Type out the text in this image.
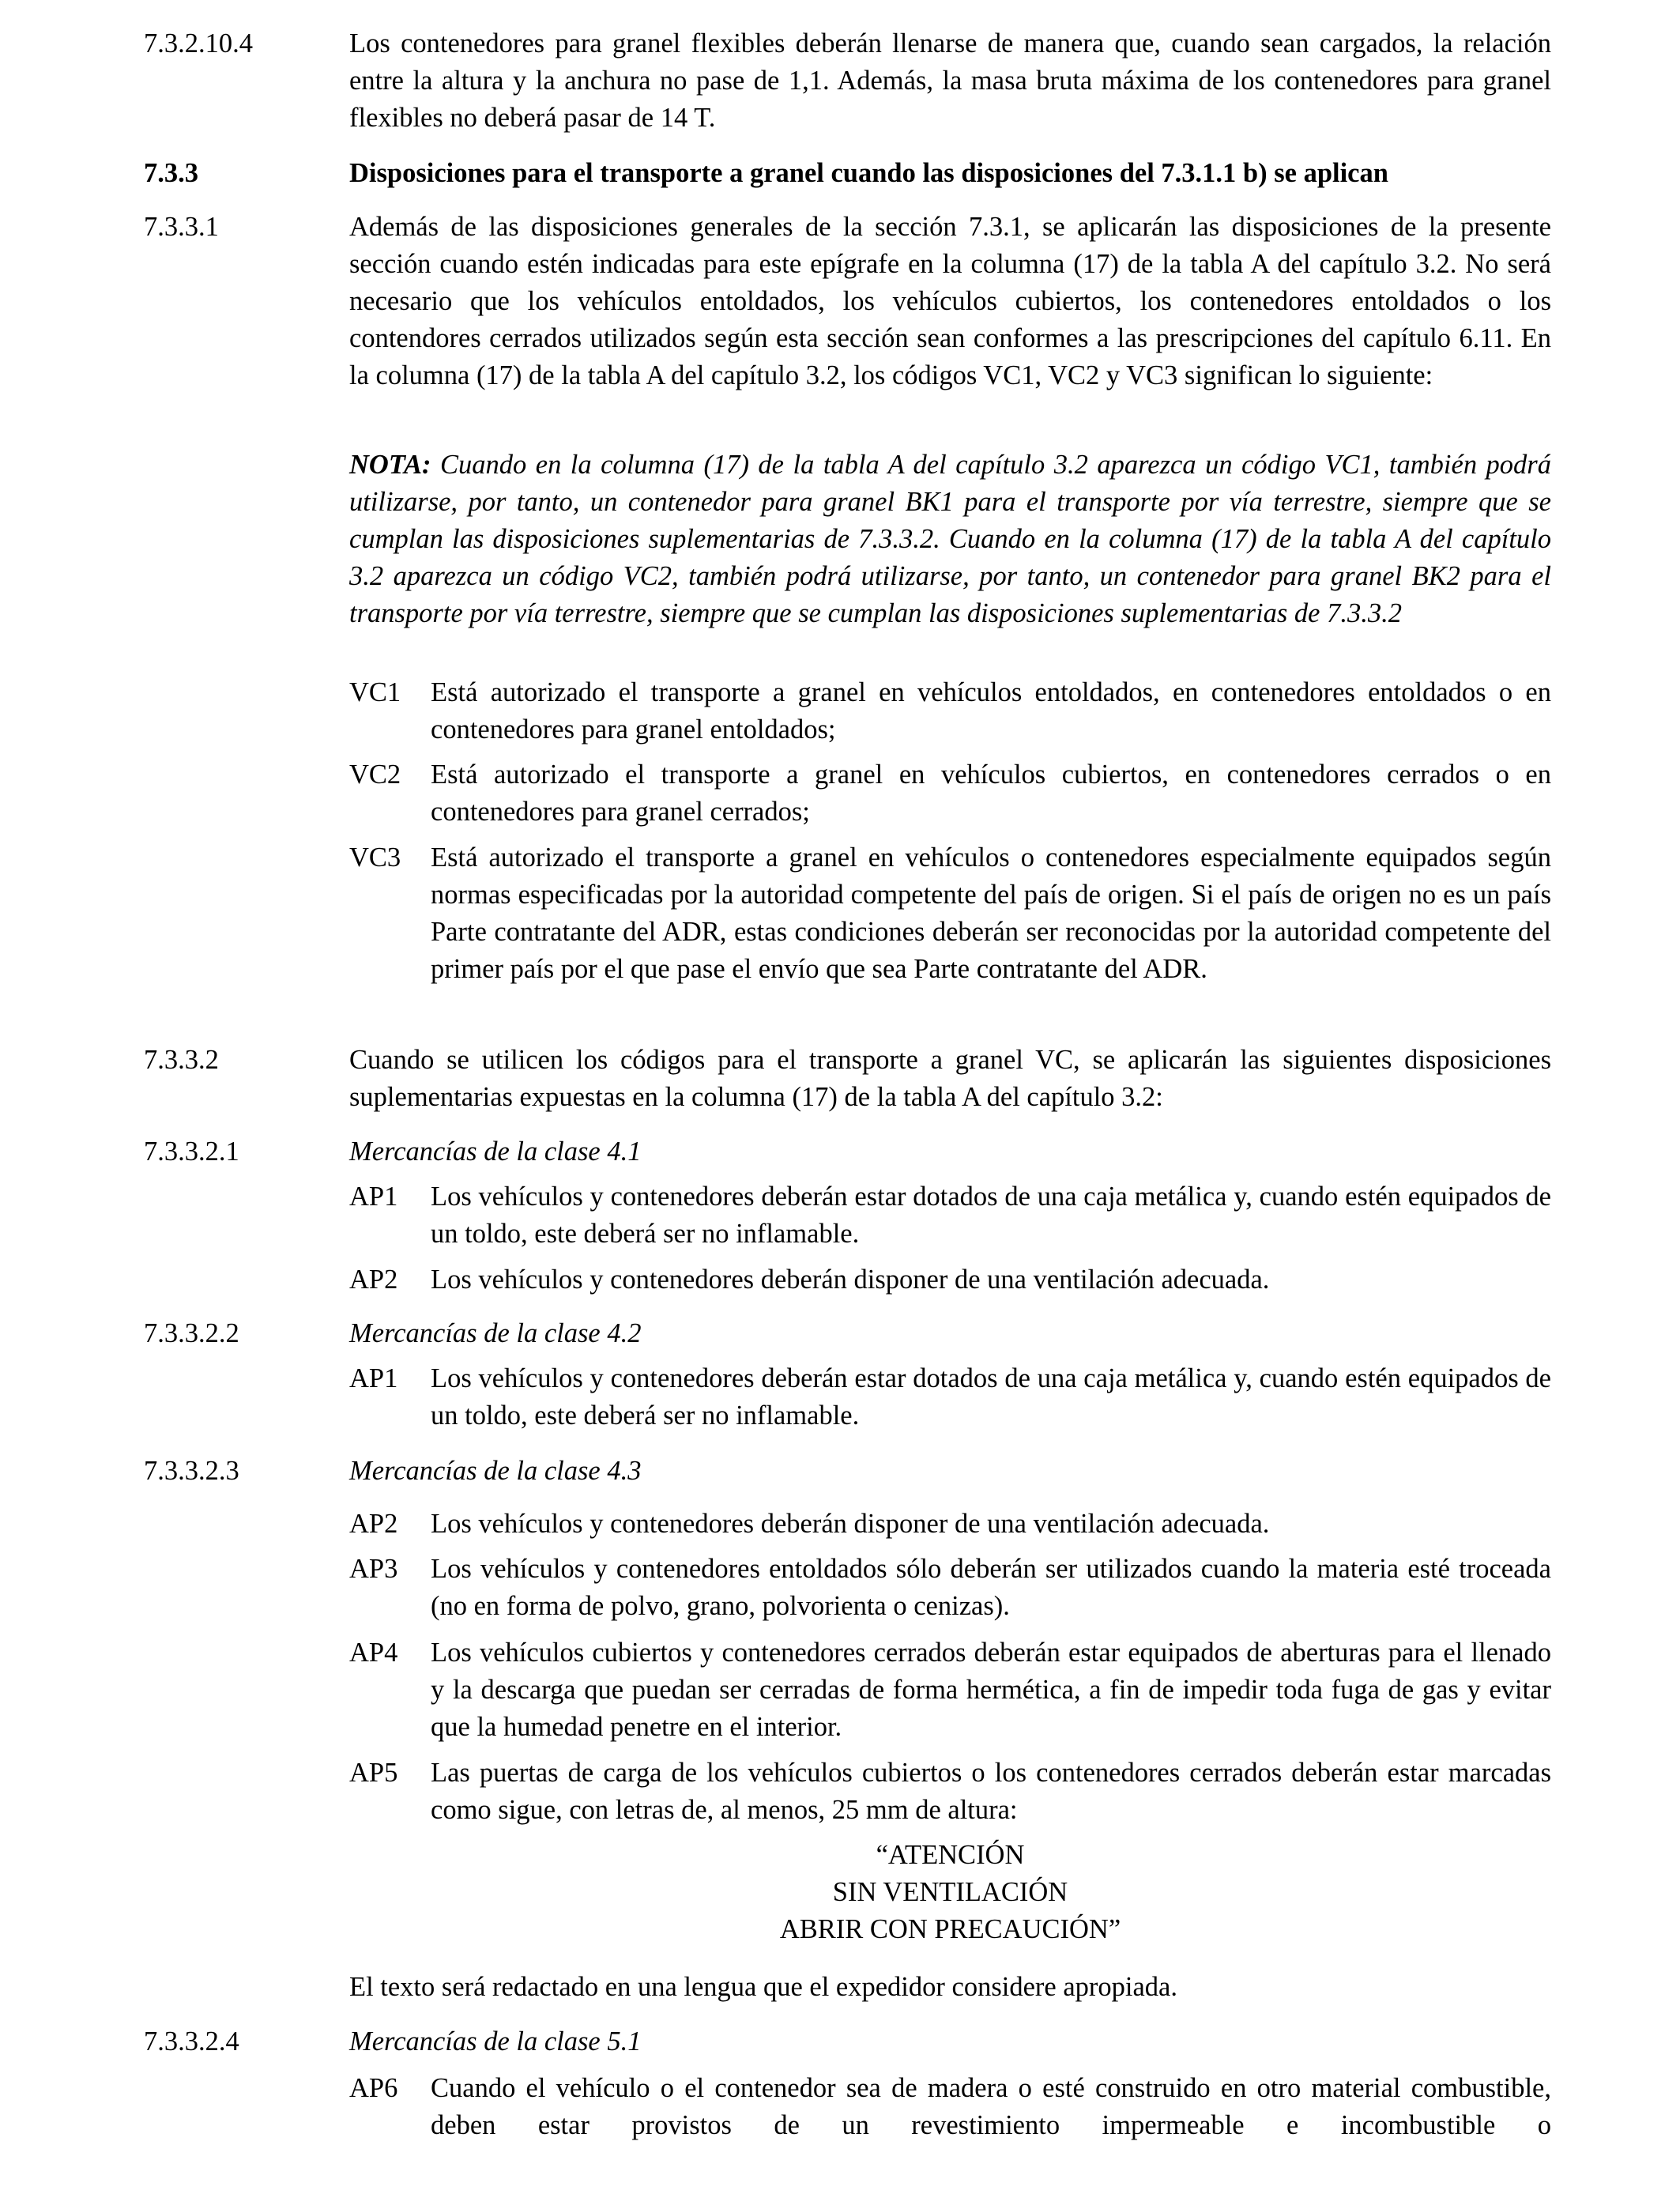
7.3.2.10.4	Los contenedores para granel flexibles deberán llenarse de manera que, cuando sean cargados, la relación entre la altura y la anchura no pase de 1,1. Además, la masa bruta máxima de los contenedores para granel flexibles no deberá pasar de 14 T.
7.3.3	Disposiciones para el transporte a granel cuando las disposiciones del 7.3.1.1 b) se aplican
7.3.3.1	Además de las disposiciones generales de la sección 7.3.1, se aplicarán las disposiciones de la presente sección cuando estén indicadas para este epígrafe en la columna (17) de la tabla A del capítulo 3.2. No será necesario que los vehículos entoldados, los vehículos cubiertos, los contenedores entoldados o los contendores cerrados utilizados según esta sección sean conformes a las prescripciones del capítulo 6.11. En la columna (17) de la tabla A del capítulo 3.2, los códigos VC1, VC2 y VC3 significan lo siguiente:
NOTA: Cuando en la columna (17) de la tabla A del capítulo 3.2 aparezca un código VC1, también podrá utilizarse, por tanto, un contenedor para granel BK1 para el transporte por vía terrestre, siempre que se cumplan las disposiciones suplementarias de 7.3.3.2. Cuando en la columna (17) de la tabla A del capítulo 3.2 aparezca un código VC2, también podrá utilizarse, por tanto, un contenedor para granel BK2 para el transporte por vía terrestre, siempre que se cumplan las disposiciones suplementarias de 7.3.3.2
VC1 Está autorizado el transporte a granel en vehículos entoldados, en contenedores entoldados o en contenedores para granel entoldados;
VC2 Está autorizado el transporte a granel en vehículos cubiertos, en contenedores cerrados o en contenedores para granel cerrados;
VC3 Está autorizado el transporte a granel en vehículos o contenedores especialmente equipados según normas especificadas por la autoridad competente del país de origen. Si el país de origen no es un país Parte contratante del ADR, estas condiciones deberán ser reconocidas por la autoridad competente del primer país por el que pase el envío que sea Parte contratante del ADR.
7.3.3.2	Cuando se utilicen los códigos para el transporte a granel VC, se aplicarán las siguientes disposiciones suplementarias expuestas en la columna (17) de la tabla A del capítulo 3.2:
7.3.3.2.1	Mercancías de la clase 4.1
AP1 Los vehículos y contenedores deberán estar dotados de una caja metálica y, cuando estén equipados de un toldo, este deberá ser no inflamable.
AP2 Los vehículos y contenedores deberán disponer de una ventilación adecuada.
7.3.3.2.2	Mercancías de la clase 4.2
AP1 Los vehículos y contenedores deberán estar dotados de una caja metálica y, cuando estén equipados de un toldo, este deberá ser no inflamable.
7.3.3.2.3	Mercancías de la clase 4.3
AP2 Los vehículos y contenedores deberán disponer de una ventilación adecuada.
AP3 Los vehículos y contenedores entoldados sólo deberán ser utilizados cuando la materia esté troceada (no en forma de polvo, grano, polvorienta o cenizas).
AP4 Los vehículos cubiertos y contenedores cerrados deberán estar equipados de aberturas para el llenado y la descarga que puedan ser cerradas de forma hermética, a fin de impedir toda fuga de gas y evitar que la humedad penetre en el interior.
AP5 Las puertas de carga de los vehículos cubiertos o los contenedores cerrados deberán estar marcadas como sigue, con letras de, al menos, 25 mm de altura:
“ATENCIÓN
SIN VENTILACIÓN
ABRIR CON PRECAUCIÓN”
El texto será redactado en una lengua que el expedidor considere apropiada.
7.3.3.2.4	Mercancías de la clase 5.1
AP6 Cuando el vehículo o el contenedor sea de madera o esté construido en otro material combustible, deben estar provistos de un revestimiento impermeable e incombustible o
